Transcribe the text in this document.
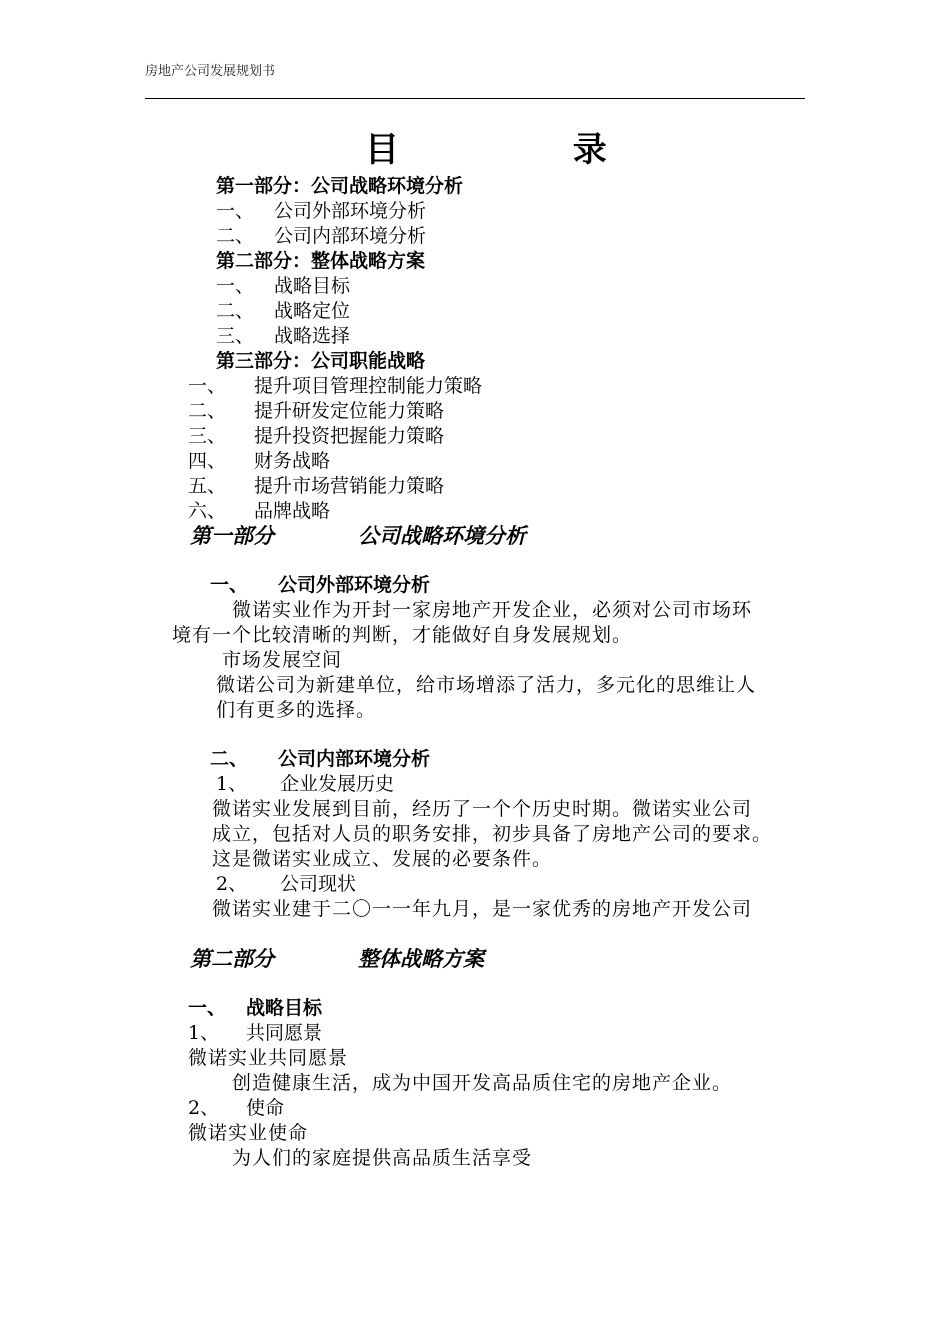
房地产公司发展规划书
目	录
第一部分：公司战略环境分析
一、 公司外部环境分析
二、 公司内部环境分析
第二部分：整体战略方案
一、 战略目标
二、 战略定位
三、 战略选择
第三部分：公司职能战略
一、 提升项目管理控制能力策略
二、 提升研发定位能力策略
三、 提升投资把握能力策略
四、 财务战略
五、 提升市场营销能力策略
六、 品牌战略
第一部分	公司战略环境分析
一、 公司外部环境分析
微诺实业作为开封一家房地产开发企业，必须对公司市场环
境有一个比较清晰的判断，才能做好自身发展规划。
市场发展空间
微诺公司为新建单位，给市场增添了活力，多元化的思维让人
们有更多的选择。
二、 公司内部环境分析
1、 企业发展历史
微诺实业发展到目前，经历了一个个历史时期。微诺实业公司
成立，包括对人员的职务安排，初步具备了房地产公司的要求。
这是微诺实业成立、发展的必要条件。
2、 公司现状
微诺实业建于二〇一一年九月，是一家优秀的房地产开发公司
第二部分	整体战略方案
一、 战略目标
1、 共同愿景
微诺实业共同愿景
创造健康生活，成为中国开发高品质住宅的房地产企业。
2、 使命
微诺实业使命
为人们的家庭提供高品质生活享受
